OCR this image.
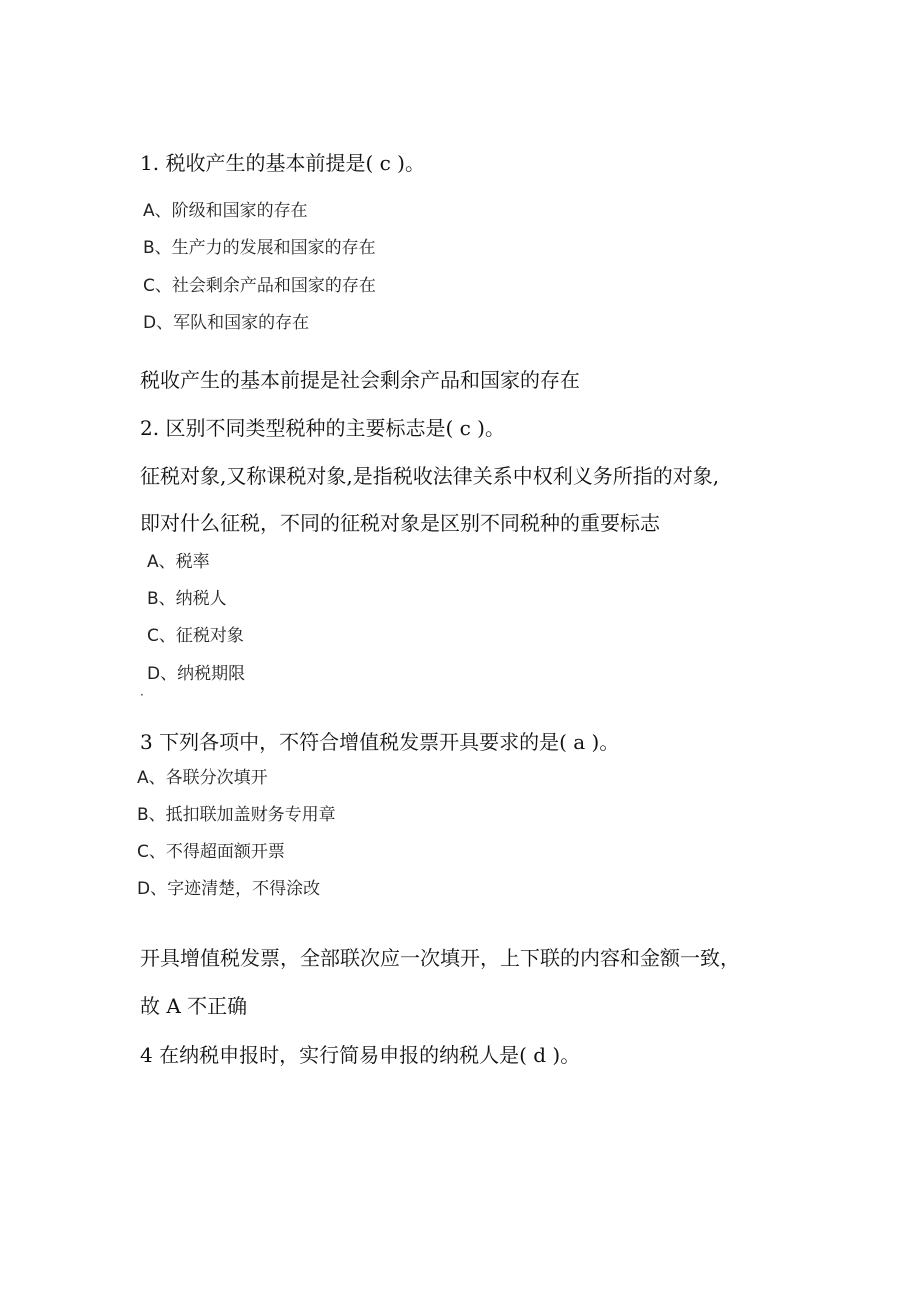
1. 税收产生的基本前提是( c )。
A、阶级和国家的存在
B、生产力的发展和国家的存在
C、社会剩余产品和国家的存在
D、军队和国家的存在
税收产生的基本前提是社会剩余产品和国家的存在
2. 区别不同类型税种的主要标志是( c )。
征税对象,又称课税对象,是指税收法律关系中权利义务所指的对象,
即对什么征税，不同的征税对象是区别不同税种的重要标志
A、税率
B、纳税人
C、征税对象
D、纳税期限
·
3 下列各项中，不符合增值税发票开具要求的是( a )。
A、各联分次填开
B、抵扣联加盖财务专用章
C、不得超面额开票
D、字迹清楚，不得涂改
开具增值税发票，全部联次应一次填开，上下联的内容和金额一致，
故 A 不正确
4 在纳税申报时，实行简易申报的纳税人是( d )。
